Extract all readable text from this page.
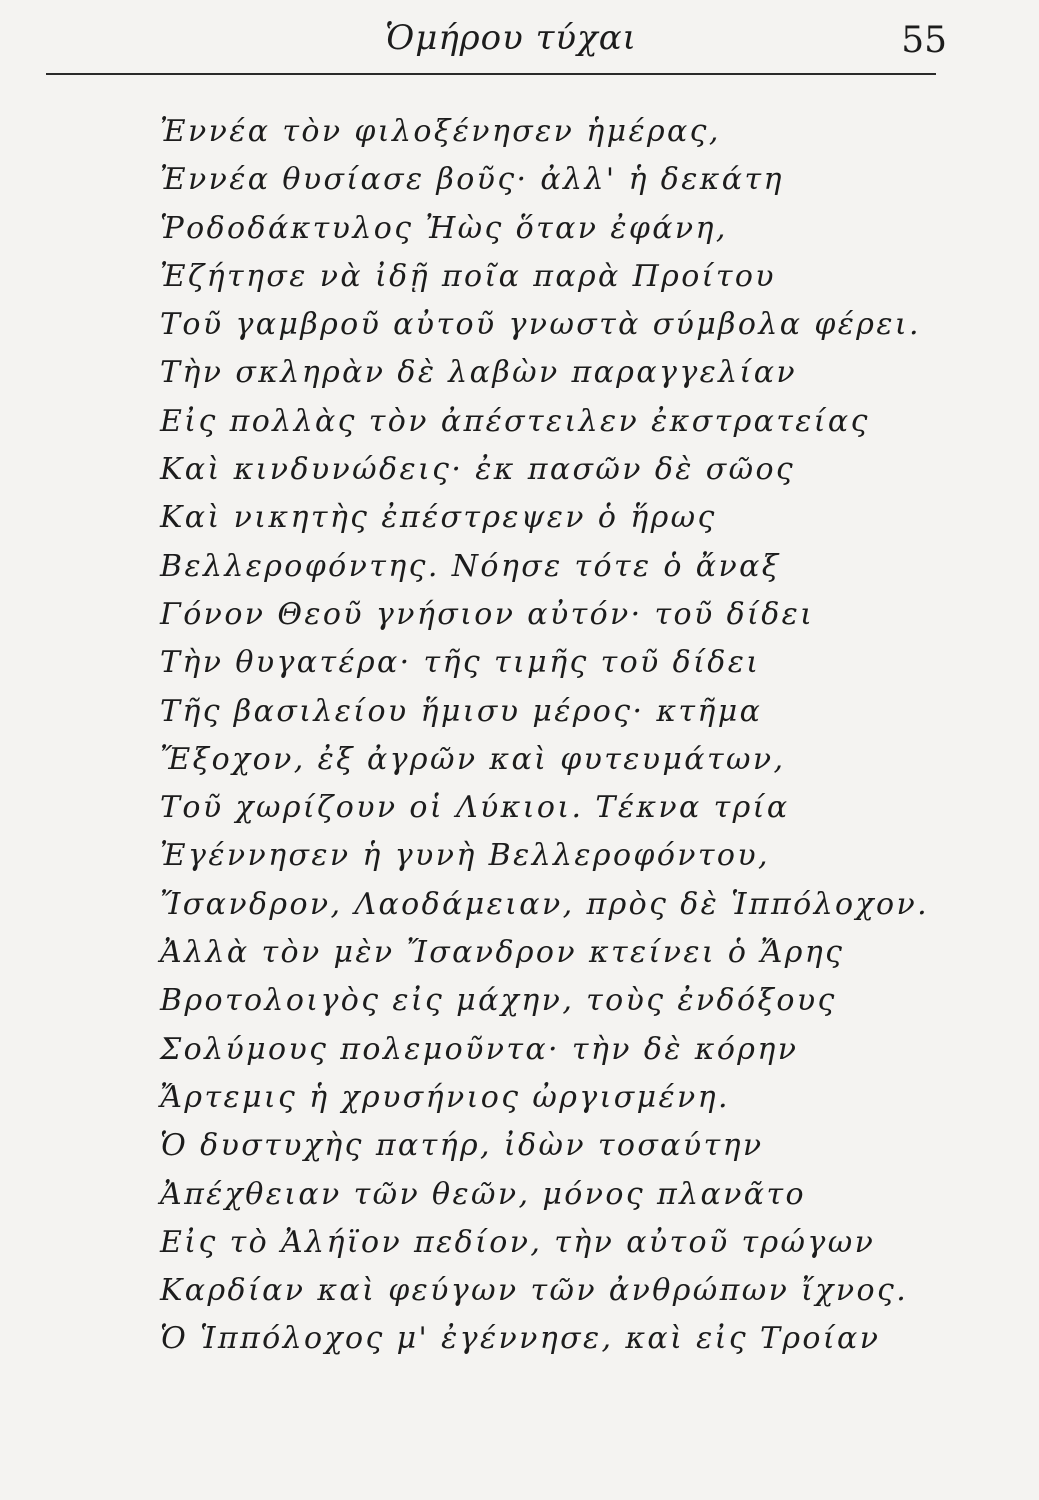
Ὁμήρου τύχαι	55
Ἐννέα τὸν φιλοξένησεν ἡμέρας,
Ἐννέα θυσίασε βοῦς· ἀλλ' ἡ δεκάτη
Ῥοδοδάκτυλος Ἠὼς ὅταν ἐφάνη,
Ἐζήτησε νὰ ἰδῇ ποῖα παρὰ Προίτου
Τοῦ γαμβροῦ αὐτοῦ γνωστὰ σύμβολα φέρει.
Τὴν σκληρὰν δὲ λαβὼν παραγγελίαν
Εἰς πολλὰς τὸν ἀπέστειλεν ἐκστρατείας
Καὶ κινδυνώδεις· ἐκ πασῶν δὲ σῶος
Καὶ νικητὴς ἐπέστρεψεν ὁ ἥρως
Βελλεροφόντης. Νόησε τότε ὁ ἄναξ
Γόνον Θεοῦ γνήσιον αὐτόν· τοῦ δίδει
Τὴν θυγατέρα· τῆς τιμῆς τοῦ δίδει
Τῆς βασιλείου ἥμισυ μέρος· κτῆμα
Ἔξοχον, ἐξ ἀγρῶν καὶ φυτευμάτων,
Τοῦ χωρίζουν οἱ Λύκιοι. Τέκνα τρία
Ἐγέννησεν ἡ γυνὴ Βελλεροφόντου,
Ἴσανδρον, Λαοδάμειαν, πρὸς δὲ Ἱππόλοχον.
Ἀλλὰ τὸν μὲν Ἴσανδρον κτείνει ὁ Ἄρης
Βροτολοιγὸς εἰς μάχην, τοὺς ἐνδόξους
Σολύμους πολεμοῦντα· τὴν δὲ κόρην
Ἄρτεμις ἡ χρυσήνιος ὠργισμένη.
Ὁ δυστυχὴς πατήρ, ἰδὼν τοσαύτην
Ἀπέχθειαν τῶν θεῶν, μόνος πλανᾶτο
Εἰς τὸ Ἀλήϊον πεδίον, τὴν αὐτοῦ τρώγων
Καρδίαν καὶ φεύγων τῶν ἀνθρώπων ἴχνος.
Ὁ Ἱππόλοχος μ' ἐγέννησε, καὶ εἰς Τροίαν
